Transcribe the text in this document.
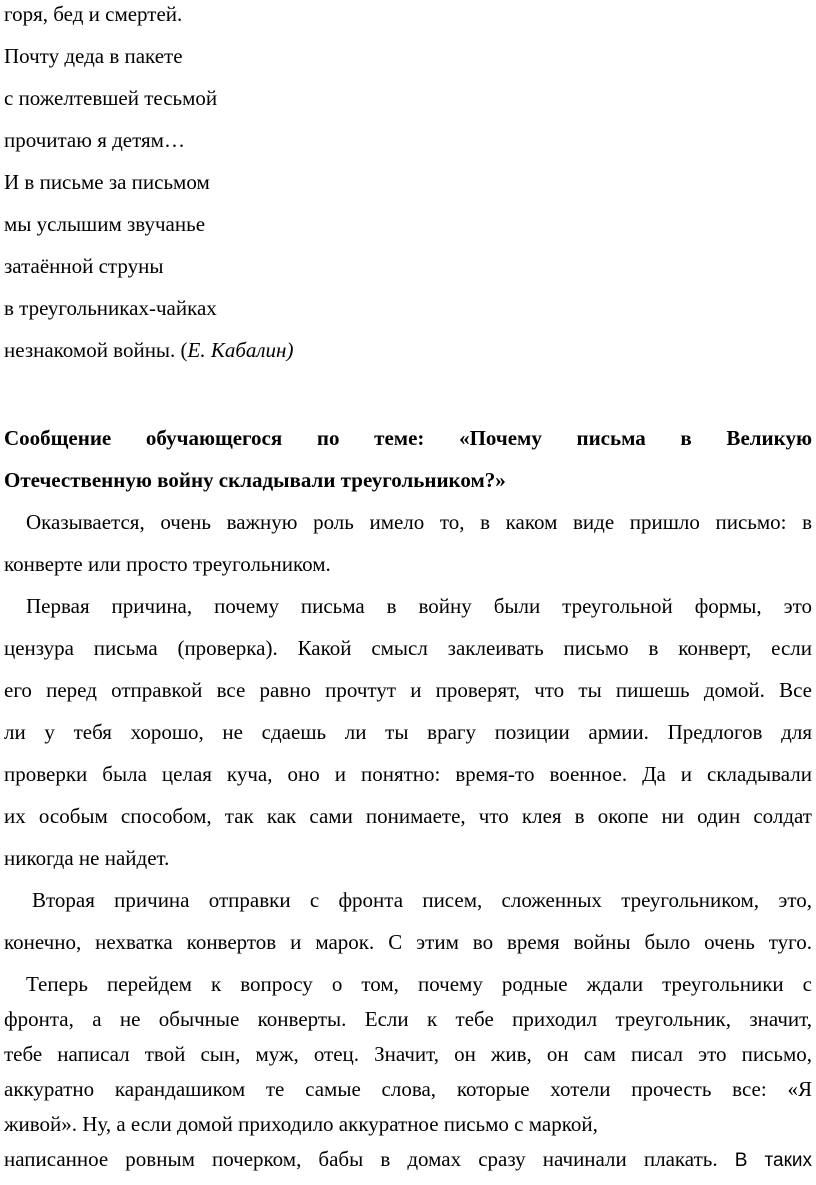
горя, бед и смертей.
Почту деда в пакете
с пожелтевшей тесьмой
прочитаю я детям…
И в письме за письмом
мы услышим звучанье
затаённой струны
в треугольниках-чайках
незнакомой войны. (Е. Кабалин)
Сообщение обучающегося по теме: «Почему письма в Великую
Отечественную войну складывали треугольником?»
Оказывается, очень важную роль имело то, в каком виде пришло письмо: в
конверте или просто треугольником.
Первая причина, почему письма в войну были треугольной формы, это
цензура письма (проверка). Какой смысл заклеивать письмо в конверт, если
его перед отправкой все равно прочтут и проверят, что ты пишешь домой. Все
ли у тебя хорошо, не сдаешь ли ты врагу позиции армии. Предлогов для
проверки была целая куча, оно и понятно: время-то военное. Да и складывали
их особым способом, так как сами понимаете, что клея в окопе ни один солдат
никогда не найдет.
Вторая причина отправки с фронта писем, сложенных треугольником, это,
конечно, нехватка конвертов и марок. С этим во время войны было очень туго.
Теперь перейдем к вопросу о том, почему родные ждали треугольники с
фронта, а не обычные конверты. Если к тебе приходил треугольник, значит,
тебе написал твой сын, муж, отец. Значит, он жив, он сам писал это письмо,
аккуратно карандашиком те самые слова, которые хотели прочесть все: «Я
живой». Ну, а если домой приходило аккуратное письмо с маркой,
написанное ровным почерком, бабы в домах сразу начинали плакать. В таких
